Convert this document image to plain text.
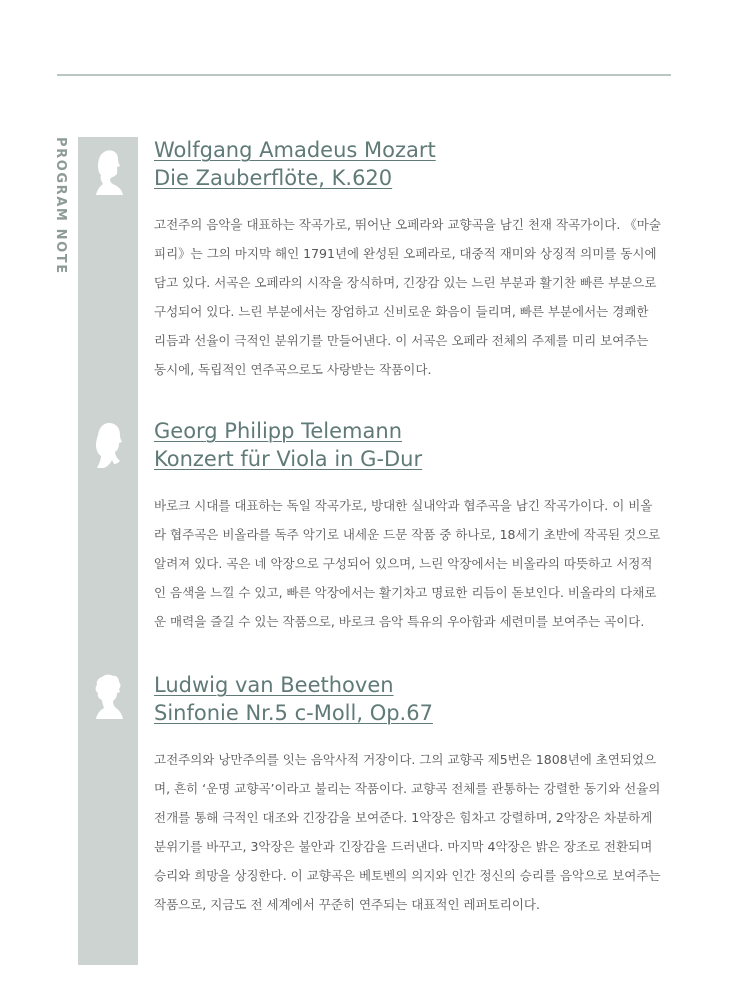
PROGRAM NOTE	Wolfgang Amadeus Mozart
Die Zauberflöte, K.620

고전주의 음악을 대표하는 작곡가로, 뛰어난 오페라와 교향곡을 남긴 천재 작곡가이다. 《마술
피리》는 그의 마지막 해인 1791년에 완성된 오페라로, 대중적 재미와 상징적 의미를 동시에
담고 있다. 서곡은 오페라의 시작을 장식하며, 긴장감 있는 느린 부분과 활기찬 빠른 부분으로
구성되어 있다. 느린 부분에서는 장엄하고 신비로운 화음이 들리며, 빠른 부분에서는 경쾌한
리듬과 선율이 극적인 분위기를 만들어낸다. 이 서곡은 오페라 전체의 주제를 미리 보여주는
동시에, 독립적인 연주곡으로도 사랑받는 작품이다.

Georg Philipp Telemann
Konzert für Viola in G-Dur

바로크 시대를 대표하는 독일 작곡가로, 방대한 실내악과 협주곡을 남긴 작곡가이다. 이 비올
라 협주곡은 비올라를 독주 악기로 내세운 드문 작품 중 하나로, 18세기 초반에 작곡된 것으로
알려져 있다. 곡은 네 악장으로 구성되어 있으며, 느린 악장에서는 비올라의 따뜻하고 서정적
인 음색을 느낄 수 있고, 빠른 악장에서는 활기차고 명료한 리듬이 돋보인다. 비올라의 다채로
운 매력을 즐길 수 있는 작품으로, 바로크 음악 특유의 우아함과 세련미를 보여주는 곡이다.

Ludwig van Beethoven
Sinfonie Nr.5 c-Moll, Op.67

고전주의와 낭만주의를 잇는 음악사적 거장이다. 그의 교향곡 제5번은 1808년에 초연되었으
며, 흔히 ‘운명 교향곡’이라고 불리는 작품이다. 교향곡 전체를 관통하는 강렬한 동기와 선율의
전개를 통해 극적인 대조와 긴장감을 보여준다. 1악장은 힘차고 강렬하며, 2악장은 차분하게
분위기를 바꾸고, 3악장은 불안과 긴장감을 드러낸다. 마지막 4악장은 밝은 장조로 전환되며
승리와 희망을 상징한다. 이 교향곡은 베토벤의 의지와 인간 정신의 승리를 음악으로 보여주는
작품으로, 지금도 전 세계에서 꾸준히 연주되는 대표적인 레퍼토리이다.
